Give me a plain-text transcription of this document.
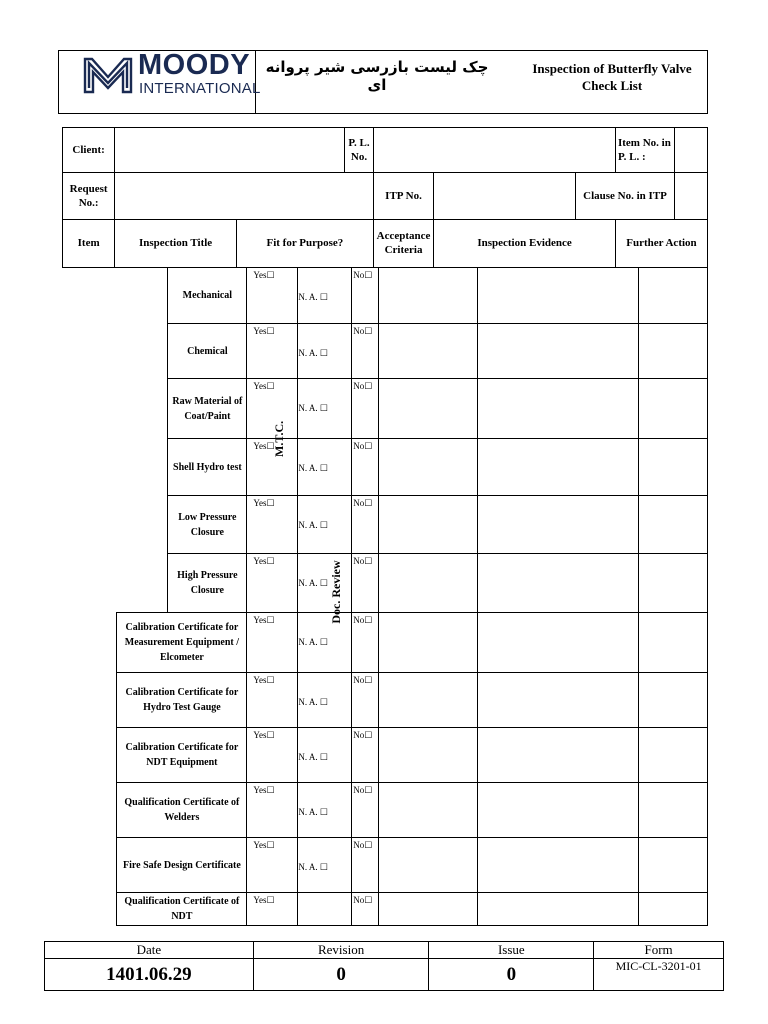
MOODY
INTERNATIONAL
چک لیست بازرسی شیر پروانه ای
Inspection of Butterfly Valve
Check List
Client:			P. L. No.				Item No. in P. L. :	
Request No.:				ITP No.		Clause No. in ITP		
Item	Inspection Title	Fit for Purpose?		Acceptance Criteria	Inspection Evidence		Further Action	
		Mechanical	Yes☐	N. A. ☐	No☐			
		Chemical	Yes☐	N. A. ☐	No☐			
		Raw Material of Coat/Paint	Yes☐	N. A. ☐	No☐			
		Shell Hydro test	Yes☐	N. A. ☐	No☐			
		Low Pressure Closure	Yes☐	N. A. ☐	No☐			
		High Pressure Closure	Yes☐	N. A. ☐	No☐			
	Calibration Certificate for Measurement Equipment / Elcometer		Yes☐	N. A. ☐	No☐			
	Calibration Certificate for Hydro Test Gauge		Yes☐	N. A. ☐	No☐			
	Calibration Certificate for NDT Equipment		Yes☐	N. A. ☐	No☐			
	Qualification Certificate of Welders		Yes☐	N. A. ☐	No☐			
	Fire Safe Design Certificate		Yes☐	N. A. ☐	No☐			
	Qualification Certificate of NDT		Yes☐		No☐			
M.T.C.
Doc. Review
Date	Revision	Issue	Form
1401.06.29	0	0	MIC-CL-3201-01
